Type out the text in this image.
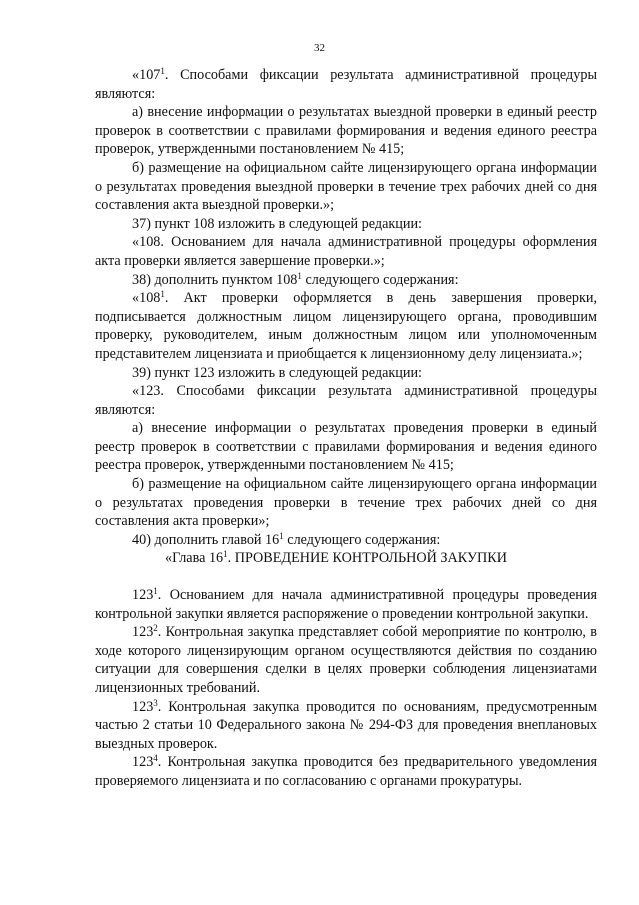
32

«$107^1$. Способами фиксации результата административной процедуры являются:

а) внесение информации о результатах выездной проверки в единый реестр проверок в соответствии с правилами формирования и ведения единого реестра проверок, утвержденными постановлением № 415;

б) размещение на официальном сайте лицензирующего органа информации о результатах проведения выездной проверки в течение трех рабочих дней со дня составления акта выездной проверки.»;

37) пункт 108 изложить в следующей редакции:

«108. Основанием для начала административной процедуры оформления акта проверки является завершение проверки.»;

38) дополнить пунктом $108^1$ следующего содержания:

«$108^1$. Акт проверки оформляется в день завершения проверки, подписывается должностным лицом лицензирующего органа, проводившим проверку, руководителем, иным должностным лицом или уполномоченным представителем лицензиата и приобщается к лицензионному делу лицензиата.»;

39) пункт 123 изложить в следующей редакции:

«123. Способами фиксации результата административной процедуры являются:

а) внесение информации о результатах проведения проверки в единый реестр проверок в соответствии с правилами формирования и ведения единого реестра проверок, утвержденными постановлением № 415;

б) размещение на официальном сайте лицензирующего органа информации о результатах проведения проверки в течение трех рабочих дней со дня составления акта проверки»;

40) дополнить главой $16^1$ следующего содержания:

«Глава $16^1$. ПРОВЕДЕНИЕ КОНТРОЛЬНОЙ ЗАКУПКИ

$123^1$. Основанием для начала административной процедуры проведения контрольной закупки является распоряжение о проведении контрольной закупки.

$123^2$. Контрольная закупка представляет собой мероприятие по контролю, в ходе которого лицензирующим органом осуществляются действия по созданию ситуации для совершения сделки в целях проверки соблюдения лицензиатами лицензионных требований.

$123^3$. Контрольная закупка проводится по основаниям, предусмотренным частью 2 статьи 10 Федерального закона № 294-ФЗ для проведения внеплановых выездных проверок.

$123^4$. Контрольная закупка проводится без предварительного уведомления проверяемого лицензиата и по согласованию с органами прокуратуры.
